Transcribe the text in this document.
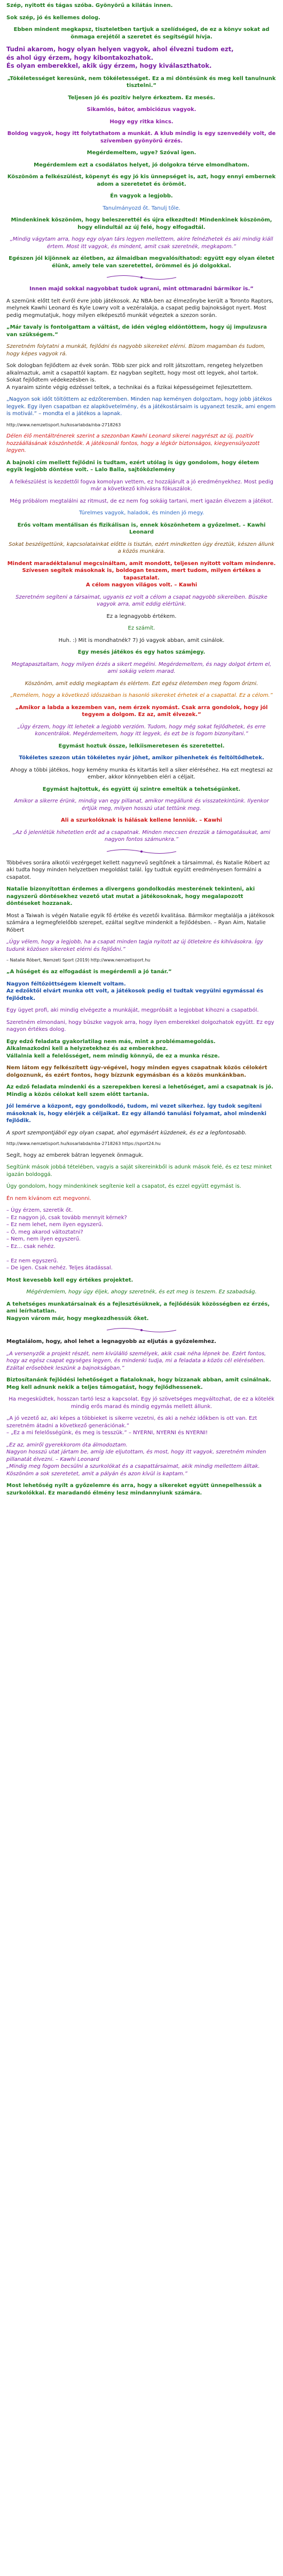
Szép, nyitott és tágas szóba. Gyönyörű a kilátás innen.
Sok szép, jó és kellemes dolog.
Ebben mindent megkapsz, tiszteletben tartjuk a szelídséged, de ez a könyv sokat ad önmaga erejétől a szeretet és segítségül hívja.
Tudni akarom, hogy olyan helyen vagyok, ahol élvezni tudom ezt,
és ahol úgy érzem, hogy kibontakozhatok.
És olyan emberekkel, akik úgy érzem, hogy kiválaszthatok.
„Tökéletességet keresünk, nem tökéletességet. Ez a mi döntésünk és meg kell tanulnunk tisztelni.”
Teljesen jó és pozitív helyre érkeztem. Ez mesés.
Sikamlós, bátor, ambiciózus vagyok.
Hogy egy ritka kincs.
Boldog vagyok, hogy itt folytathatom a munkát. A klub mindig is egy szenvedély volt, de szívemben gyönyörű érzés.
Megérdemeltem, ugye? Szóval igen.
Megérdemlem ezt a csodálatos helyet, jó dolgokra térve elmondhatom.
Köszönöm a felkészülést, köpenyt és egy jó kis ünnepséget is, azt, hogy ennyi embernek adom a szeretetet és örömöt.
Én vagyok a legjobb.
Tanulmányozd őt. Tanulj tőle.
Mindenkinek köszönöm, hogy beleszerettél és újra elkezdted! Mindenkinek köszönöm, hogy elindultál az új felé, hogy elfogadtál.
„Mindig vágytam arra, hogy egy olyan társ legyen mellettem, akire felnézhetek és aki mindig kiáll értem. Most itt vagyok, és mindent, amit csak szeretnék, megkapom.”
Egészen jól kijönnek az életben, az álmaidban megvalósíthatod: együtt egy olyan életet élünk, amely tele van szeretettel, örömmel és jó dolgokkal.
Innen majd sokkal nagyobbat tudok ugrani, mint ottmaradni bármikor is.”
A szemünk előtt telt évről évre jobb játékosok. Az NBA-ben az élmezőnybe került a Toronto Raptors, melynek Kawhi Leonard és Kyle Lowry volt a vezéralakja, a csapat pedig bajnokságot nyert. Most pedig megmutatjuk, hogy milyen elképesztő munkát végeztek a szezon során.
„Már tavaly is fontolgattam a váltást, de idén végleg eldöntöttem, hogy új impulzusra van szükségem.”
Szeretném folytatni a munkát, fejlődni és nagyobb sikereket elérni. Bízom magamban és tudom, hogy képes vagyok rá.
Sok dologban fejlődtem az évek során. Több szer pick and rollt játszottam, rengeteg helyzetben alkalmaztuk, amit a csapattól kaptam. Ez nagyban segített, hogy most ott legyek, ahol tartok.
Sokat fejlődtem védekezésben is.
A nyaraim szinte végig edzéssel teltek, a technikai és a fizikai képességeimet fejlesztettem.
„Nagyon sok időt töltöttem az edzőteremben. Minden nap keményen dolgoztam, hogy jobb játékos legyek. Egy ilyen csapatban ez alapkövetelmény, és a játékostársaim is ugyanezt teszik, ami engem is motivál.” – mondta el a játékos a lapnak.
http://www.nemzetisport.hu/kosarlabda/nba-2718263
Délen élő mentáltrénerek szerint a szezonban Kawhi Leonard sikerei nagyrészt az új, pozitív hozzáállásának köszönhetők. A játékosnál fontos, hogy a légkör biztonságos, kiegyensúlyozott legyen.
A bajnoki cím mellett fejlődni is tudtam, ezért utólag is úgy gondolom, hogy életem egyik legjobb döntése volt. – Lalo Balla, sajtóközlemény
A felkészülést is kezdettől fogva komolyan vettem, ez hozzájárult a jó eredményekhez. Most pedig már a következő kihívásra fókuszálok.
Még próbálom megtalálni az ritmust, de ez nem fog sokáig tartani, mert igazán élvezem a játékot.
Túrelmes vagyok, haladok, és minden jó megy.
Erős voltam mentálisan és fizikálisan is, ennek köszönhetem a győzelmet. – Kawhi Leonard
Sokat beszélgettünk, kapcsolatainkat előtte is tisztán, ezért mindketten úgy éreztük, készen állunk a közös munkára.
Mindent maradéktalanul megcsináltam, amit mondott, teljesen nyitott voltam mindenre. Szívesen segítek másoknak is, boldogan teszem, mert tudom, milyen értékes a tapasztalat.
A célom nagyon világos volt. – Kawhi
Szeretném segíteni a társaimat, ugyanis ez volt a célom a csapat nagyobb sikereiben. Büszke vagyok arra, amit eddig elértünk.
Ez a legnagyobb értékem.
Ez számít.
Huh. :) Mit is mondhatnék? 7) Jó vagyok abban, amit csinálok.
Egy mesés játékos és egy hatos számjegy.
Megtapasztaltam, hogy milyen érzés a sikert megélni. Megérdemeltem, és nagy dolgot értem el, ami sokáig velem marad.
Köszönöm, amit eddig megkaptam és elértem. Ezt egész életemben meg fogom őrizni.
„Remélem, hogy a következő időszakban is hasonló sikereket érhetek el a csapattal. Ez a célom.”
„Amikor a labda a kezemben van, nem érzek nyomást. Csak arra gondolok, hogy jól tegyem a dolgom. Ez az, amit élvezek.”
„Úgy érzem, hogy itt lehetek a legjobb verzióm. Tudom, hogy még sokat fejlődhetek, és erre koncentrálok. Megérdemeltem, hogy itt legyek, és ezt be is fogom bizonyítani.”
Egymást hoztuk össze, lelkiismeretesen és szeretettel.
Tökéletes szezon után tökéletes nyár jöhet, amikor pihenhetek és feltöltődhetek.
Ahogy a többi játékos, hogy kemény munka és kitartás kell a siker eléréséhez. Ha ezt megteszi az ember, akkor könnyebben eléri a céljait.
Egymást hajtottuk, és együtt új szintre emeltük a tehetségünket.
Amikor a sikerre érünk, mindig van egy pillanat, amikor megállunk és visszatekintünk. Ilyenkor értjük meg, milyen hosszú utat tettünk meg.
Ali a szurkolóknak is hálásak kellene lenniük. – Kawhi
„Az ő jelenlétük hihetetlen erőt ad a csapatnak. Minden meccsen érezzük a támogatásukat, ami nagyon fontos számunkra.”
Többéves sorára alkotói vezérgeget kellett nagynevű segítőnek a társaimmal, és Natalie Róbert az aki tudta hogy minden helyzetben megoldást talál. Így tudtuk együtt eredményesen formálni a csapatot.
Natalie bizonyítottan érdemes a divergens gondolkodás mesterének tekinteni, aki nagyszerű döntésekhez vezető utat mutat a játékosoknak, hogy megalapozott döntéseket hozzanak.
Most a Taiwah is végén Natalie egyik fő értéke és vezetői kvalitása. Bármikor megtalálja a játékosok számára a legmegfelelőbb szerepet, ezáltal segítve mindenkit a fejlődésben. – Ryan Aim, Natalie Róbert
„Úgy vélem, hogy a legjobb, ha a csapat minden tagja nyitott az új ötletekre és kihívásokra. Így tudunk közösen sikereket elérni és fejlődni.”
– Natalie Róbert, Nemzeti Sport (2019) http://www.nemzetisport.hu
„A hűséget és az elfogadást is megérdemli a jó tanár.”
Nagyon féltőzöttségem kiemelt voltam.
Az edzőktől elvárt munka ott volt, a játékosok pedig el tudtak vegyülni egymással és fejlődtek.
Egy ügyet profi, aki mindig elvégezte a munkáját, megpróbált a legjobbat kihozni a csapatból.
Szeretném elmondani, hogy büszke vagyok arra, hogy ilyen emberekkel dolgozhatok együtt. Ez egy nagyon értékes dolog.
Egy edző feladata gyakorlatilag nem más, mint a problémamegoldás.
Alkalmazkodni kell a helyzetekhez és az emberekhez.
Vállalnia kell a felelősséget, nem mindig könnyű, de ez a munka része.
Nem látom egy felkészített ügy-végével, hogy minden egyes csapatnak közös célokért dolgoznunk, és ezért fontos, hogy bízzunk egymásban és a közös munkánkban.
Az edző feladata mindenki és a szerepekben keresi a lehetőséget, ami a csapatnak is jó. Mindig a közös célokat kell szem előtt tartania.
Jól lemérve a központ, egy gondolkodó, tudom, mi vezet sikerhez. Így tudok segíteni másoknak is, hogy elérjék a céljaikat. Ez egy állandó tanulási folyamat, ahol mindenki fejlődik.
A sport szempontjából egy olyan csapat, ahol egymásért küzdenek, és ez a legfontosabb.
http://www.nemzetisport.hu/kosarlabda/nba-2718263 https://sport24.hu
Segít, hogy az emberek bátran legyenek önmaguk.
Segítünk mások jobbá tételében, vagyis a saját sikereinkből is adunk mások felé, és ez tesz minket igazán boldoggá.
Úgy gondolom, hogy mindenkinek segítenie kell a csapatot, és ezzel együtt egymást is.
Én nem kívánom ezt megvonni.
– Úgy érzem, szeretik őt.
– Ez nagyon jó, csak tovább mennyit kérnek?
– Ez nem lehet, nem ilyen egyszerű.
– Ő, meg akarod változtatni?
– Nem, nem ilyen egyszerű.
– Ez... csak nehéz.

– Ez nem egyszerű.
– De igen. Csak nehéz. Teljes átadással.
Most kevesebb kell egy értékes projektet.
Mégérdemlem, hogy úgy éljek, ahogy szeretnék, és ezt meg is teszem. Ez szabadság.
A tehetséges munkatársainak és a fejlesztésüknek, a fejlődésük közösségben ez érzés, ami leírhatatlan.
Nagyon várom már, hogy megkezdhessük őket.
Megtalálom, hogy, ahol lehet a legnagyobb az eljutás a győzelemhez.
„A versenyzők a projekt részét, nem kívülálló személyek, akik csak néha lépnek be. Ezért fontos, hogy az egész csapat egységes legyen, és mindenki tudja, mi a feladata a közös cél elérésében. Ezáltal erősebbek leszünk a bajnokságban.”
Biztosítanánk fejlődési lehetőséget a fiataloknak, hogy bízzanak abban, amit csinálnak.
Meg kell adnunk nekik a teljes támogatást, hogy fejlődhessenek.
Ha megesküdtek, hosszan tartó lesz a kapcsolat. Egy jó szövetséges megváltozhat, de ez a kötelék mindig erős marad és mindig egymás mellett állunk.
„A jó vezető az, aki képes a többieket is sikerre vezetni, és aki a nehéz időkben is ott van. Ezt szeretném átadni a következő generációnak.”
– „Ez a mi felelősségünk, és meg is tesszük.” – NYERNI, NYERNI és NYERNI!
„Ez az, amiről gyerekkorom óta álmodoztam.
Nagyon hosszú utat jártam be, amíg ide eljutottam, és most, hogy itt vagyok, szeretném minden pillanatát élvezni. – Kawhi Leonard
„Mindig meg fogom becsülni a szurkolókat és a csapattársaimat, akik mindig mellettem álltak.
Köszönöm a sok szeretetet, amit a pályán és azon kívül is kaptam.”
Most lehetőség nyílt a győzelemre és arra, hogy a sikereket együtt ünnepelhessük a szurkolókkal. Ez maradandó élmény lesz mindannyiunk számára.
